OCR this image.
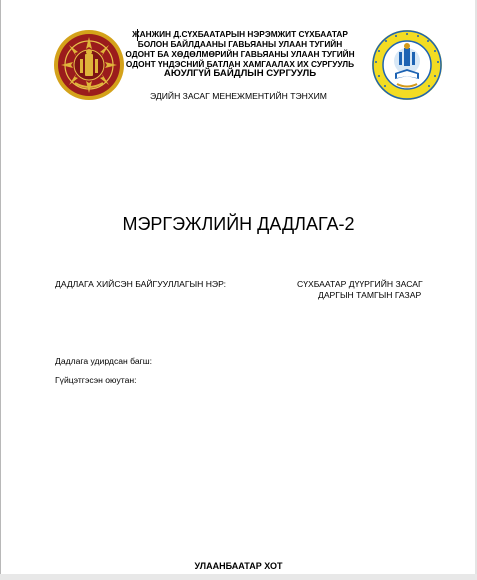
ЖАНЖИН Д.СҮХБААТАРЫН НЭРЭМЖИТ СҮХБААТАР
БОЛОН БАЙЛДААНЫ ГАВЬЯАНЫ УЛААН ТУГИЙН
ОДОНТ БА ХӨДӨЛМӨРИЙН ГАВЬЯАНЫ УЛААН ТУГИЙН
ОДОНТ ҮНДЭСНИЙ БАТЛАН ХАМГААЛАХ ИХ СУРГУУЛЬ
АЮУЛГҮЙ БАЙДЛЫН СУРГУУЛЬ
ЭДИЙН ЗАСАГ МЕНЕЖМЕНТИЙН ТЭНХИМ
МЭРГЭЖЛИЙН ДАДЛАГА-2
ДАДЛАГА ХИЙСЭН БАЙГУУЛЛАГЫН НЭР:	СҮХБААТАР ДҮҮРГИЙН ЗАСАГ
ДАРГЫН ТАМГЫН ГАЗАР
Дадлага удирдсан багш:
Гүйцэтгэсэн оюутан:
УЛААНБААТАР ХОТ
